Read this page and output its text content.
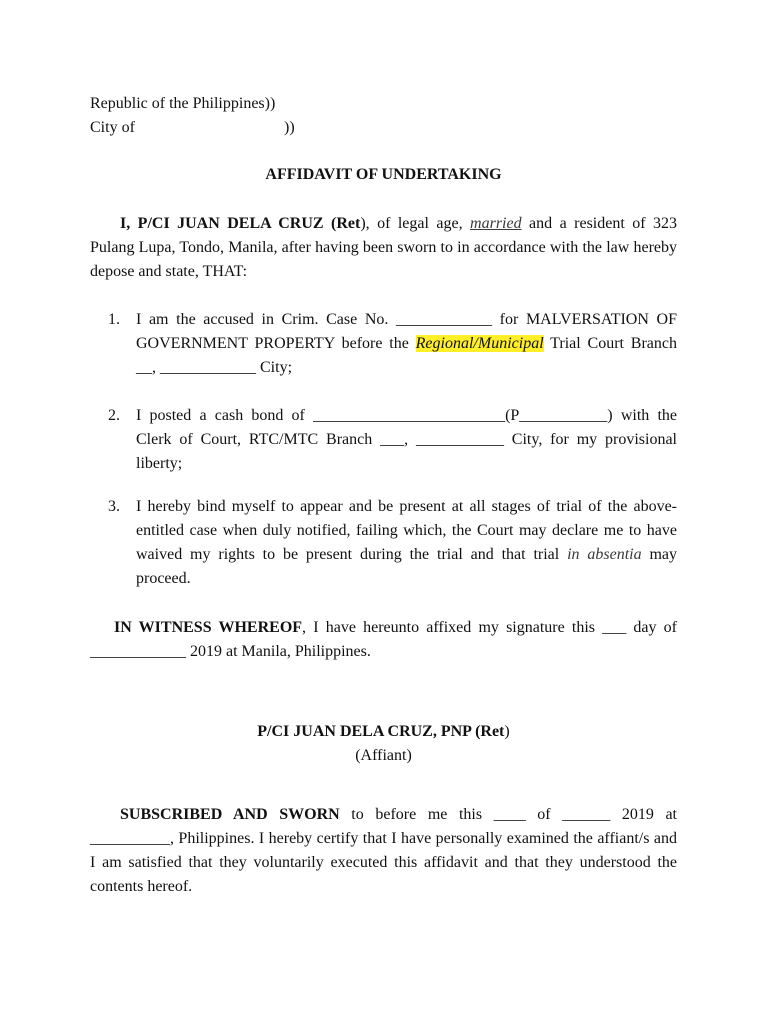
Republic of the Philippines))
City of	))
AFFIDAVIT OF UNDERTAKING

I, P/CI JUAN DELA CRUZ (Ret), of legal age, married and a resident of 323 Pulang Lupa, Tondo, Manila, after having been sworn to in accordance with the law hereby depose and state, THAT:

1. I am the accused in Crim. Case No. ____________ for MALVERSATION OF GOVERNMENT PROPERTY before the Regional/Municipal Trial Court Branch __, ____________ City;
2. I posted a cash bond of ________________________(P___________) with the Clerk of Court, RTC/MTC Branch ___, ___________ City, for my provisional liberty;
3. I hereby bind myself to appear and be present at all stages of trial of the above-entitled case when duly notified, failing which, the Court may declare me to have waived my rights to be present during the trial and that trial in absentia may proceed.

IN WITNESS WHEREOF, I have hereunto affixed my signature this ___ day of ____________ 2019 at Manila, Philippines.

P/CI JUAN DELA CRUZ, PNP (Ret)
(Affiant)

SUBSCRIBED AND SWORN to before me this ____ of ______ 2019 at __________, Philippines. I hereby certify that I have personally examined the affiant/s and I am satisfied that they voluntarily executed this affidavit and that they understood the contents hereof.
